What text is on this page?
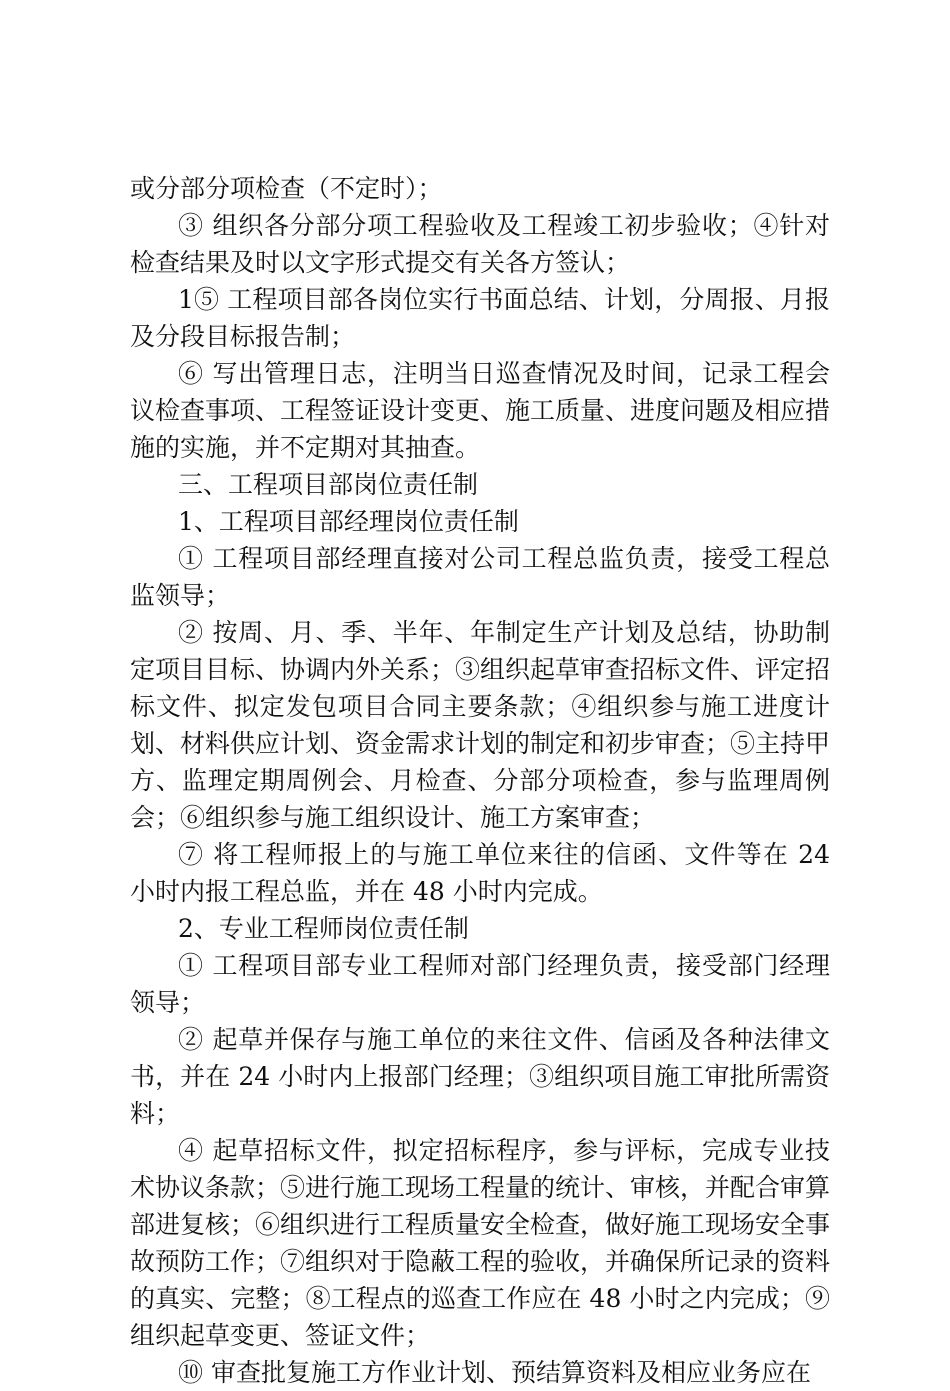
或分部分项检查（不定时）；

③ 组织各分部分项工程验收及工程竣工初步验收；④针对检查结果及时以文字形式提交有关各方签认；

1⑤ 工程项目部各岗位实行书面总结、计划，分周报、月报及分段目标报告制；

⑥ 写出管理日志，注明当日巡查情况及时间，记录工程会议检查事项、工程签证设计变更、施工质量、进度问题及相应措施的实施，并不定期对其抽查。

三、工程项目部岗位责任制

1、工程项目部经理岗位责任制

① 工程项目部经理直接对公司工程总监负责，接受工程总监领导；

② 按周、月、季、半年、年制定生产计划及总结，协助制定项目目标、协调内外关系；③组织起草审查招标文件、评定招标文件、拟定发包项目合同主要条款；④组织参与施工进度计划、材料供应计划、资金需求计划的制定和初步审查；⑤主持甲方、监理定期周例会、月检查、分部分项检查，参与监理周例会；⑥组织参与施工组织设计、施工方案审查；

⑦ 将工程师报上的与施工单位来往的信函、文件等在 24 小时内报工程总监，并在 48 小时内完成。

2、专业工程师岗位责任制

① 工程项目部专业工程师对部门经理负责，接受部门经理领导；

② 起草并保存与施工单位的来往文件、信函及各种法律文书，并在 24 小时内上报部门经理；③组织项目施工审批所需资料；

④ 起草招标文件，拟定招标程序，参与评标，完成专业技术协议条款；⑤进行施工现场工程量的统计、审核，并配合审算部进复核；⑥组织进行工程质量安全检查，做好施工现场安全事故预防工作；⑦组织对于隐蔽工程的验收，并确保所记录的资料的真实、完整；⑧工程点的巡查工作应在 48 小时之内完成；⑨组织起草变更、签证文件；

⑩ 审查批复施工方作业计划、预结算资料及相应业务应在
